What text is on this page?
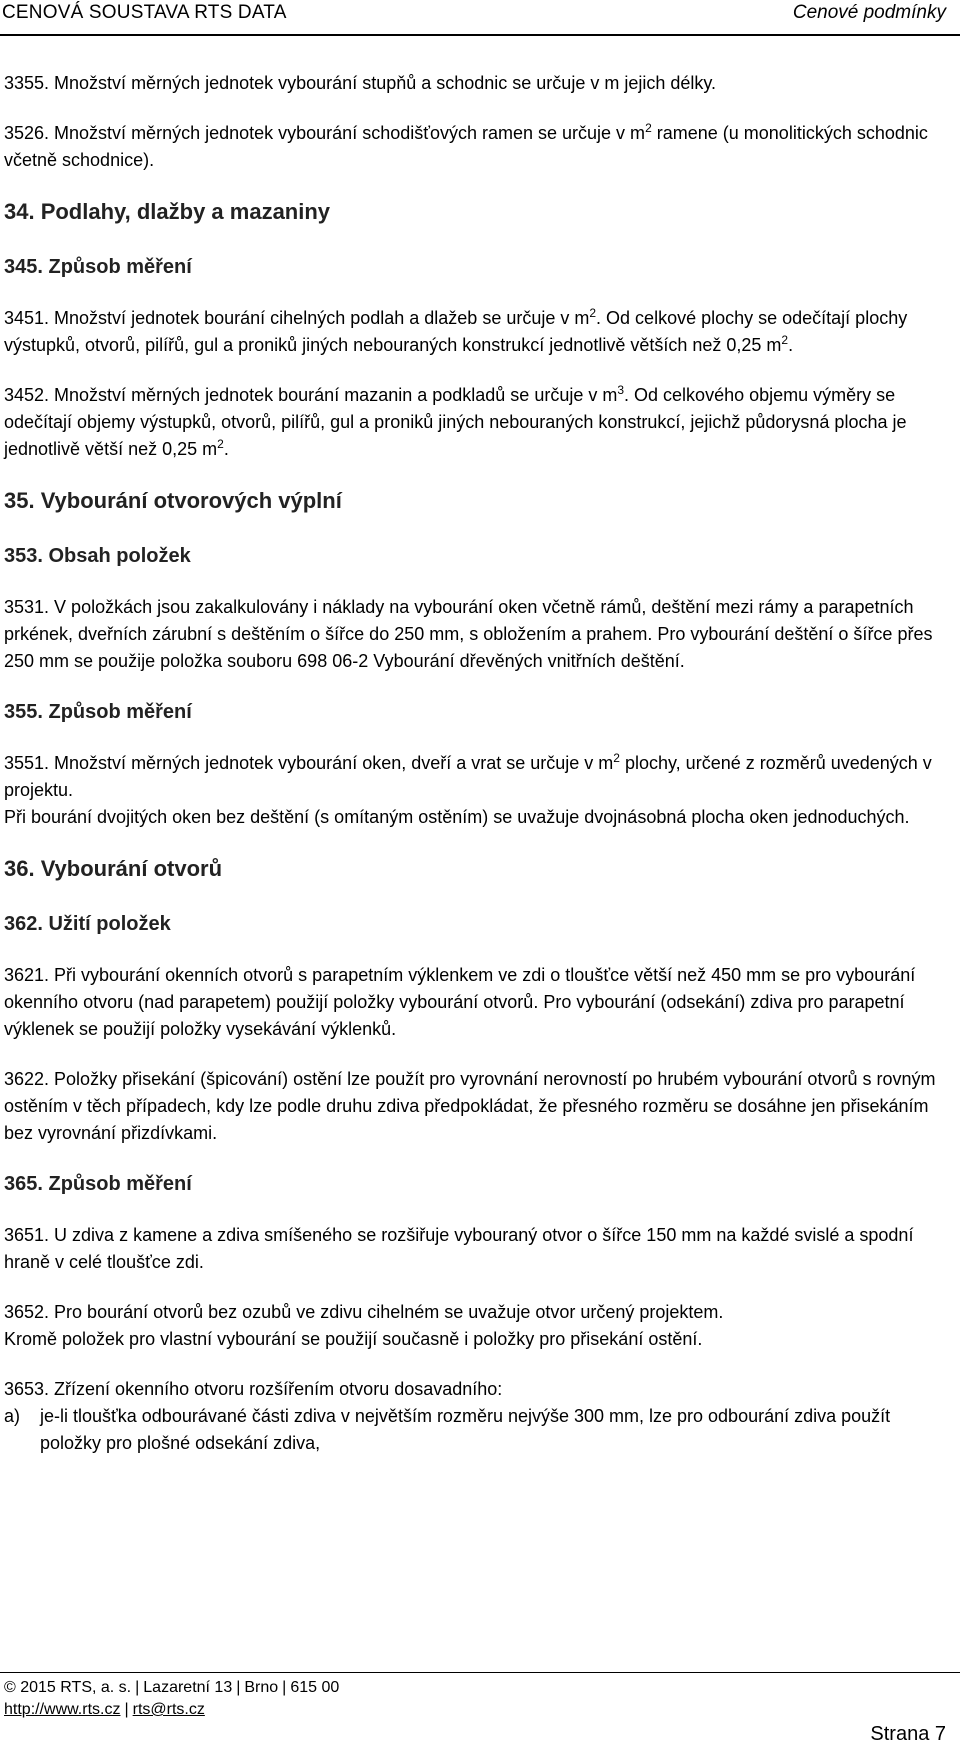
CENOVÁ SOUSTAVA RTS DATA	Cenové podmínky

3355. Množství měrných jednotek vybourání stupňů a schodnic se určuje v m jejich délky.

3526. Množství měrných jednotek vybourání schodišťových ramen se určuje v $m^2$ ramene (u monolitických schodnic včetně schodnice).

34. Podlahy, dlažby a mazaniny
345. Způsob měření

3451. Množství jednotek bourání cihelných podlah a dlažeb se určuje v $m^2$. Od celkové plochy se odečítají plochy výstupků, otvorů, pilířů, gul a proniků jiných nebouraných konstrukcí jednotlivě větších než 0,25 $m^2$.

3452. Množství měrných jednotek bourání mazanin a podkladů se určuje v $m^3$. Od celkového objemu výměry se odečítají objemy výstupků, otvorů, pilířů, gul a proniků jiných nebouraných konstrukcí, jejichž půdorysná plocha je jednotlivě větší než 0,25 $m^2$.

35. Vybourání otvorových výplní
353. Obsah položek

3531. V položkách jsou zakalkulovány i náklady na vybourání oken včetně rámů, deštění mezi rámy a parapetních prkének, dveřních zárubní s deštěním o šířce do 250 mm, s obložením a prahem. Pro vybourání deštění o šířce přes 250 mm se použije položka souboru 698 06-2 Vybourání dřevěných vnitřních deštění.

355. Způsob měření

3551. Množství měrných jednotek vybourání oken, dveří a vrat se určuje v $m^2$ plochy, určené z rozměrů uvedených v projektu.

Při bourání dvojitých oken bez deštění (s omítaným ostěním) se uvažuje dvojnásobná plocha oken jednoduchých.

36. Vybourání otvorů
362. Užití položek

3621. Při vybourání okenních otvorů s parapetním výklenkem ve zdi o tloušťce větší než 450 mm se pro vybourání okenního otvoru (nad parapetem) použijí položky vybourání otvorů. Pro vybourání (odsekání) zdiva pro parapetní výklenek se použijí položky vysekávání výklenků.

3622. Položky přisekání (špicování) ostění lze použít pro vyrovnání nerovností po hrubém vybourání otvorů s rovným ostěním v těch případech, kdy lze podle druhu zdiva předpokládat, že přesného rozměru se dosáhne jen přisekáním bez vyrovnání přizdívkami.

365. Způsob měření

3651. U zdiva z kamene a zdiva smíšeného se rozšiřuje vybouraný otvor o šířce 150 mm na každé svislé a spodní hraně v celé tloušťce zdi.

3652. Pro bourání otvorů bez ozubů ve zdivu cihelném se uvažuje otvor určený projektem.

Kromě položek pro vlastní vybourání se použijí současně i položky pro přisekání ostění.

3653. Zřízení okenního otvoru rozšířením otvoru dosavadního:

a)	je-li tloušťka odbourávané části zdiva v největším rozměru nejvýše 300 mm, lze pro odbourání zdiva použít položky pro plošné odsekání zdiva,
© 2015 RTS, a. s. | Lazaretní 13 | Brno | 615 00
http://www.rts.cz | rts@rts.cz
Strana 7
